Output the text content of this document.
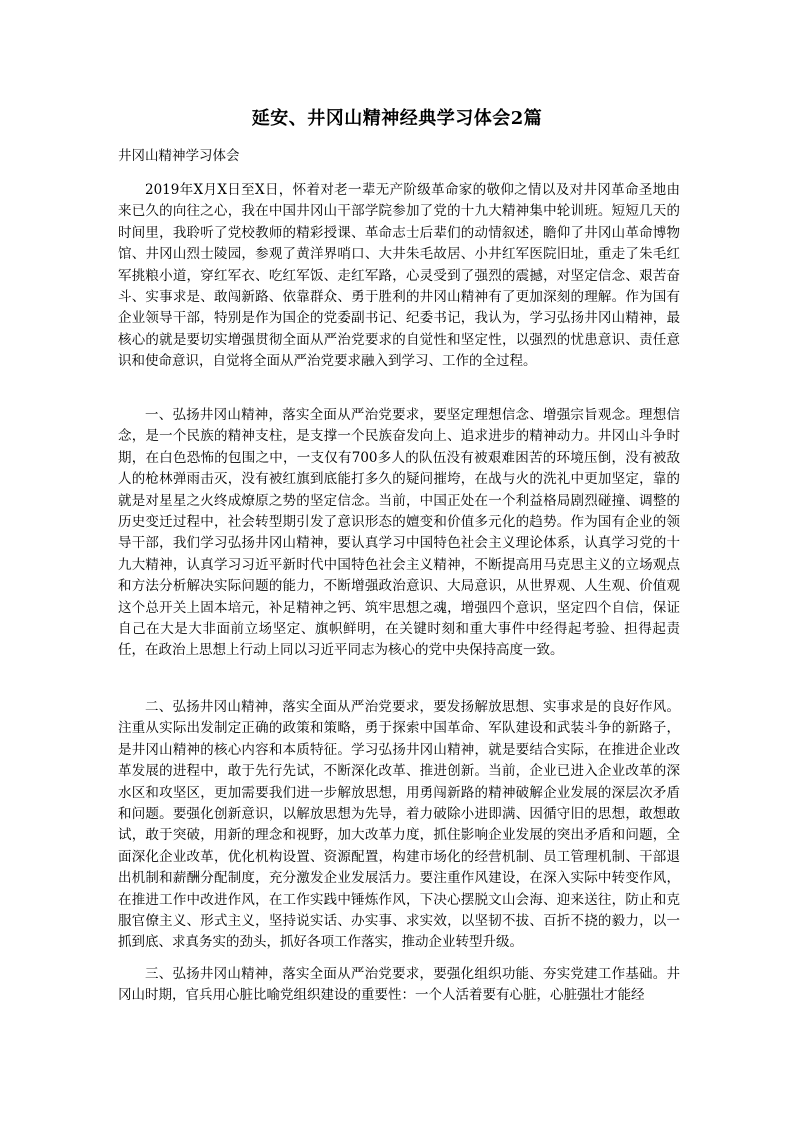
延安、井冈山精神经典学习体会2篇

井冈山精神学习体会

2019年X月X日至X日，怀着对老一辈无产阶级革命家的敬仰之情以及对井冈革命圣地由来已久的向往之心，我在中国井冈山干部学院参加了党的十九大精神集中轮训班。短短几天的时间里，我聆听了党校教师的精彩授课、革命志士后辈们的动情叙述，瞻仰了井冈山革命博物馆、井冈山烈士陵园，参观了黄洋界哨口、大井朱毛故居、小井红军医院旧址，重走了朱毛红军挑粮小道，穿红军衣、吃红军饭、走红军路，心灵受到了强烈的震撼，对坚定信念、艰苦奋斗、实事求是、敢闯新路、依靠群众、勇于胜利的井冈山精神有了更加深刻的理解。作为国有企业领导干部，特别是作为国企的党委副书记、纪委书记，我认为，学习弘扬井冈山精神，最核心的就是要切实增强贯彻全面从严治党要求的自觉性和坚定性，以强烈的忧患意识、责任意识和使命意识，自觉将全面从严治党要求融入到学习、工作的全过程。

一、弘扬井冈山精神，落实全面从严治党要求，要坚定理想信念、增强宗旨观念。理想信念，是一个民族的精神支柱，是支撑一个民族奋发向上、追求进步的精神动力。井冈山斗争时期，在白色恐怖的包围之中，一支仅有700多人的队伍没有被艰难困苦的环境压倒，没有被敌人的枪林弹雨击灭，没有被红旗到底能打多久的疑问摧垮，在战与火的洗礼中更加坚定，靠的就是对星星之火终成燎原之势的坚定信念。当前，中国正处在一个利益格局剧烈碰撞、调整的历史变迁过程中，社会转型期引发了意识形态的嬗变和价值多元化的趋势。作为国有企业的领导干部，我们学习弘扬井冈山精神，要认真学习中国特色社会主义理论体系，认真学习党的十九大精神，认真学习习近平新时代中国特色社会主义精神，不断提高用马克思主义的立场观点和方法分析解决实际问题的能力，不断增强政治意识、大局意识，从世界观、人生观、价值观这个总开关上固本培元，补足精神之钙、筑牢思想之魂，增强四个意识，坚定四个自信，保证自己在大是大非面前立场坚定、旗帜鲜明，在关键时刻和重大事件中经得起考验、担得起责任，在政治上思想上行动上同以习近平同志为核心的党中央保持高度一致。

二、弘扬井冈山精神，落实全面从严治党要求，要发扬解放思想、实事求是的良好作风。注重从实际出发制定正确的政策和策略，勇于探索中国革命、军队建设和武装斗争的新路子，是井冈山精神的核心内容和本质特征。学习弘扬井冈山精神，就是要结合实际，在推进企业改革发展的进程中，敢于先行先试，不断深化改革、推进创新。当前，企业已进入企业改革的深水区和攻坚区，更加需要我们进一步解放思想，用勇闯新路的精神破解企业发展的深层次矛盾和问题。要强化创新意识，以解放思想为先导，着力破除小进即满、因循守旧的思想，敢想敢试，敢于突破，用新的理念和视野，加大改革力度，抓住影响企业发展的突出矛盾和问题，全面深化企业改革，优化机构设置、资源配置，构建市场化的经营机制、员工管理机制、干部退出机制和薪酬分配制度，充分激发企业发展活力。要注重作风建设，在深入实际中转变作风，在推进工作中改进作风，在工作实践中锤炼作风，下决心摆脱文山会海、迎来送往，防止和克服官僚主义、形式主义，坚持说实话、办实事、求实效，以坚韧不拔、百折不挠的毅力，以一抓到底、求真务实的劲头，抓好各项工作落实，推动企业转型升级。

三、弘扬井冈山精神，落实全面从严治党要求，要强化组织功能、夯实党建工作基础。井冈山时期，官兵用心脏比喻党组织建设的重要性：一个人活着要有心脏，心脏强壮才能经
